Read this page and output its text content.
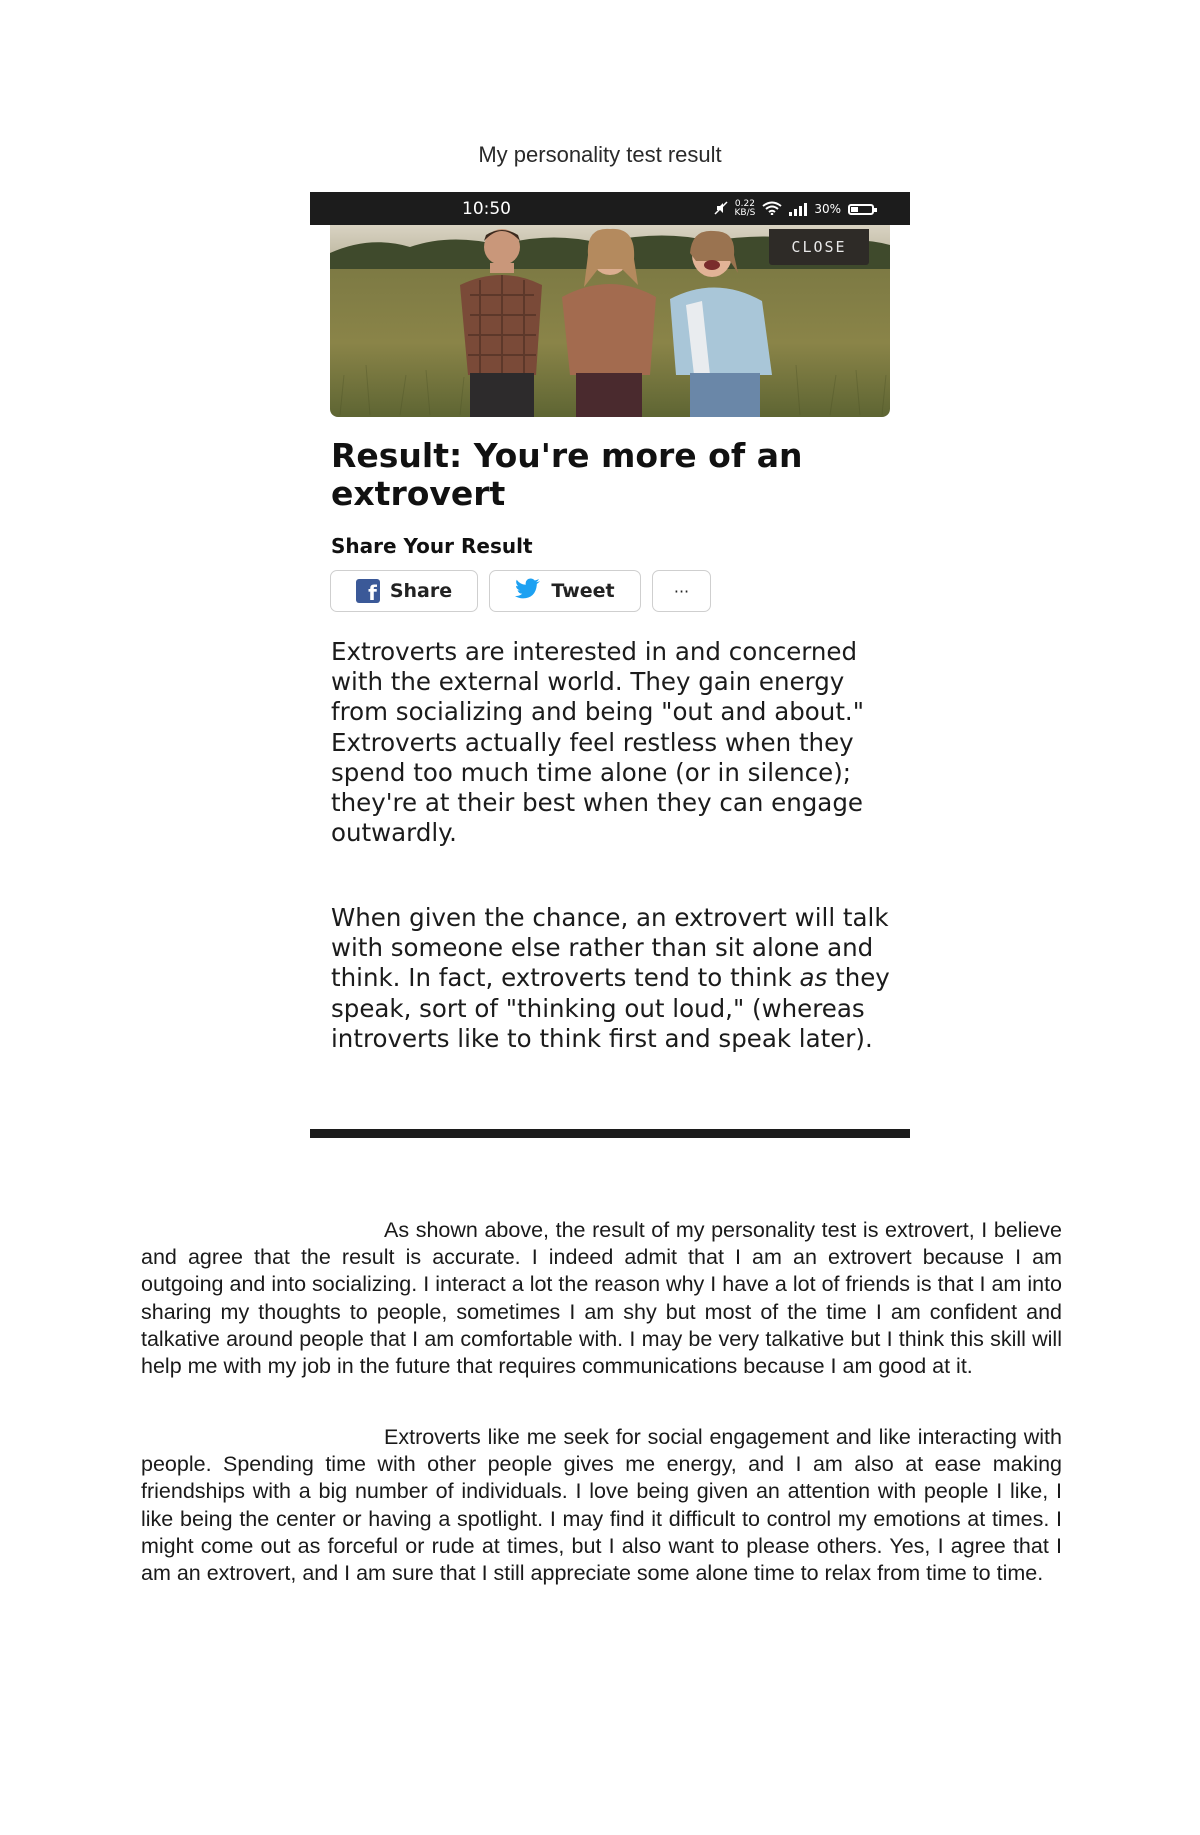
My personality test result
10:50	0.22
KB/S	30%
CLOSE
Result: You're more of an extrovert
Share Your Result
f
Share	Tweet	···

Extroverts are interested in and concerned with the external world. They gain energy from socializing and being "out and about." Extroverts actually feel restless when they spend too much time alone (or in silence); they're at their best when they can engage outwardly.

When given the chance, an extrovert will talk with someone else rather than sit alone and think. In fact, extroverts tend to think as they speak, sort of "thinking out loud," (whereas introverts like to think first and speak later).

As shown above, the result of my personality test is extrovert, I believe and agree that the result is accurate. I indeed admit that I am an extrovert because I am outgoing and into socializing. I interact a lot the reason why I have a lot of friends is that I am into sharing my thoughts to people, sometimes I am shy but most of the time I am confident and talkative around people that I am comfortable with. I may be very talkative but I think this skill will help me with my job in the future that requires communications because I am good at it.

Extroverts like me seek for social engagement and like interacting with people. Spending time with other people gives me energy, and I am also at ease making friendships with a big number of individuals. I love being given an attention with people I like, I like being the center or having a spotlight. I may find it difficult to control my emotions at times. I might come out as forceful or rude at times, but I also want to please others. Yes, I agree that I am an extrovert, and I am sure that I still appreciate some alone time to relax from time to time.
